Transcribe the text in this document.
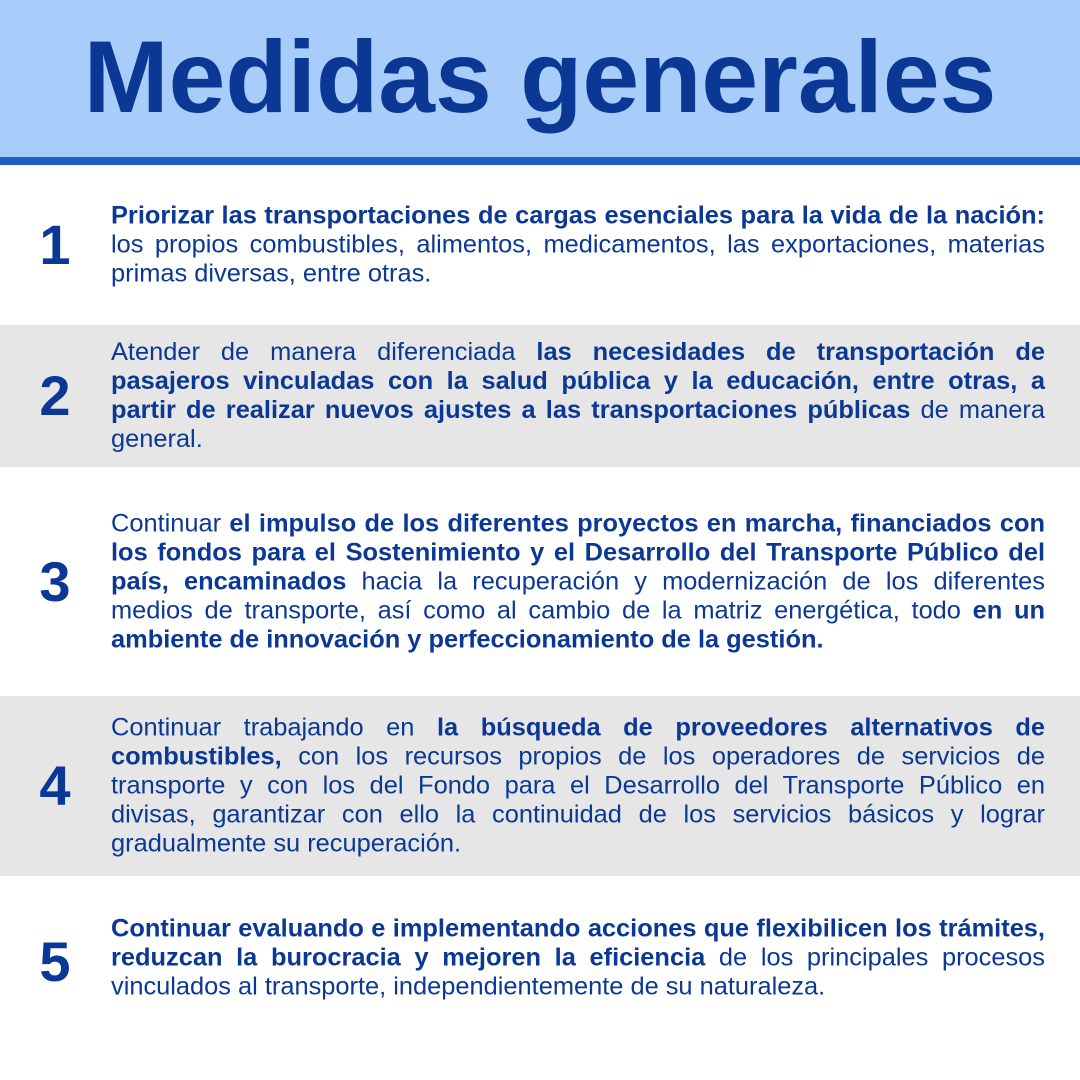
Medidas generales
1	Priorizar las transportaciones de cargas esenciales para la vida de la nación: los propios combustibles, alimentos, medicamentos, las exportaciones, materias primas diversas, entre otras.
2
Atender de manera diferenciada las necesidades de transportación de pasajeros vinculadas con la salud pública y la educación, entre otras, a partir de realizar nuevos ajustes a las transportaciones públicas de manera general.
3
Continuar el impulso de los diferentes proyectos en marcha, financiados con los fondos para el Sostenimiento y el Desarrollo del Transporte Público del país, encaminados hacia la recuperación y modernización de los diferentes medios de transporte, así como al cambio de la matriz energética, todo en un ambiente de innovación y perfeccionamiento de la gestión.
4
Continuar trabajando en la búsqueda de proveedores alternativos de combustibles, con los recursos propios de los operadores de servicios de transporte y con los del Fondo para el Desarrollo del Transporte Público en divisas, garantizar con ello la continuidad de los servicios básicos y lograr gradualmente su recuperación.
5
Continuar evaluando e implementando acciones que flexibilicen los trámites, reduzcan la burocracia y mejoren la eficiencia de los principales procesos vinculados al transporte, independientemente de su naturaleza.
